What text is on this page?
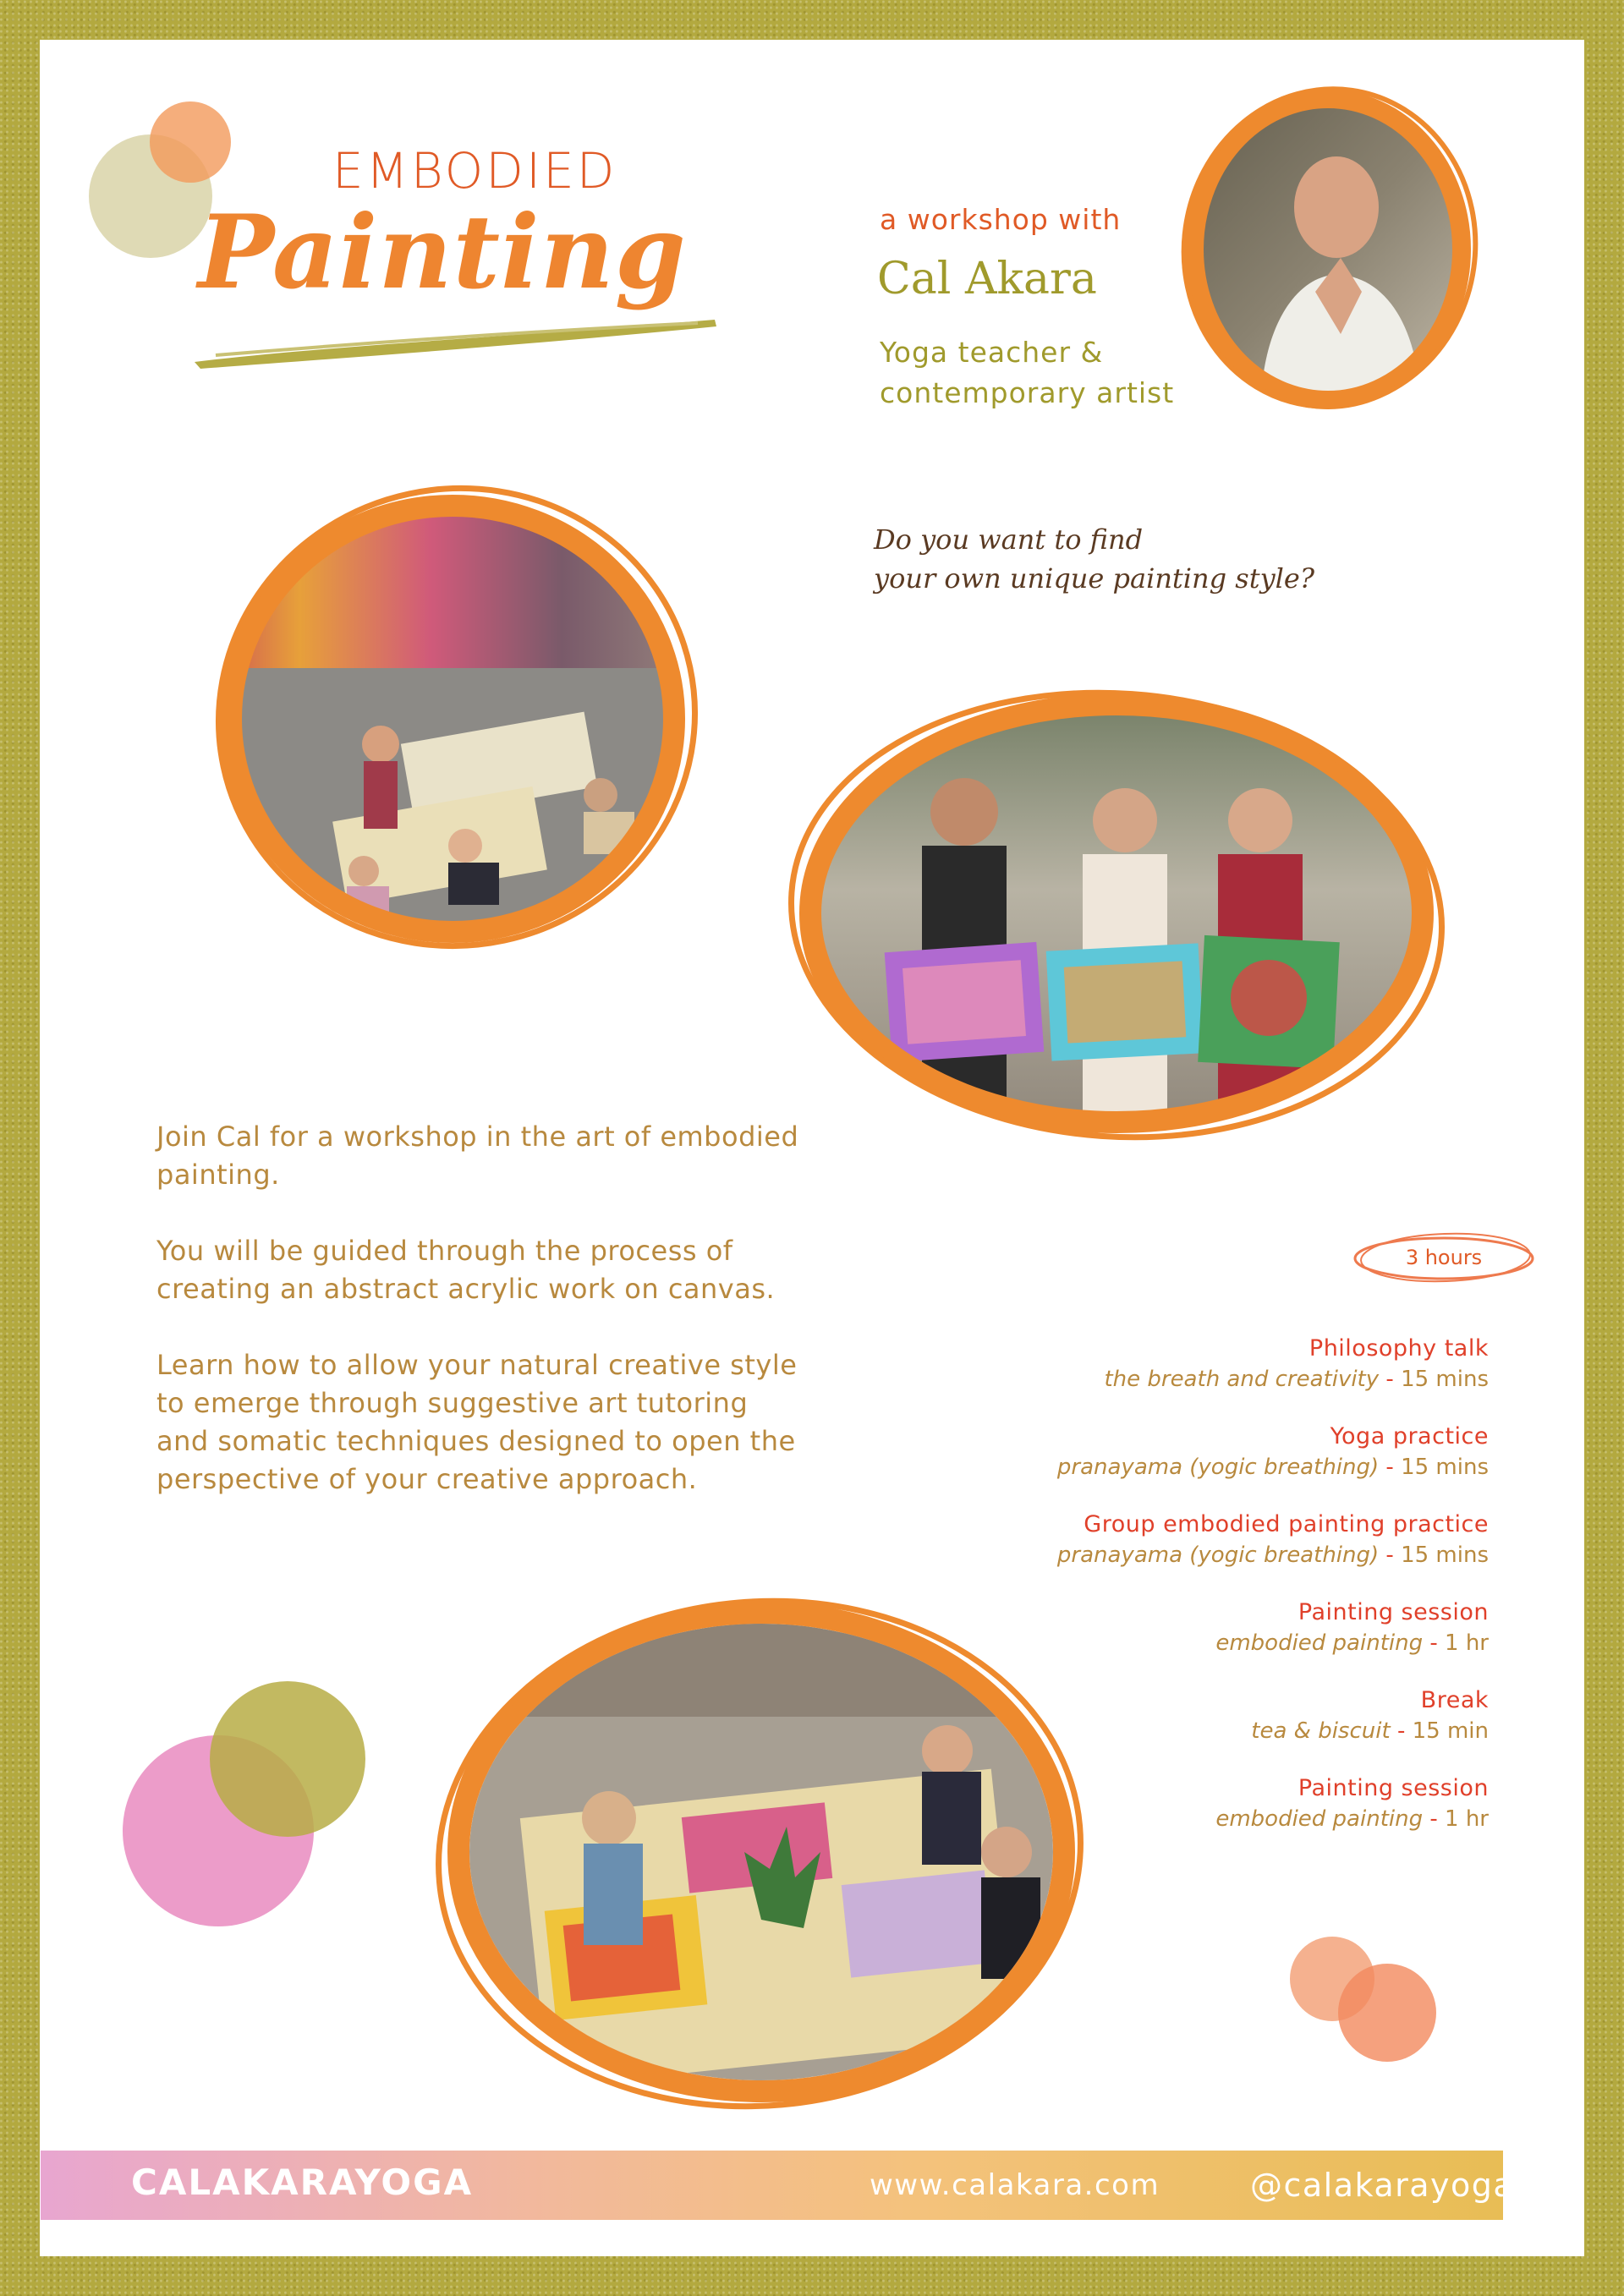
EMBODIED
Painting	a workshop with
Cal Akara
Yoga teacher &
contemporary artist
Do you want to find
your own unique painting style?

Join Cal for a workshop in the art of embodied painting.

You will be guided through the process of creating an abstract acrylic work on canvas.

Learn how to allow your natural creative style to emerge through suggestive art tutoring and somatic techniques designed to open the perspective of your creative approach.

3 hours
Philosophy talk
the breath and creativity - 15 mins
Yoga practice
pranayama (yogic breathing) - 15 mins
Group embodied painting practice
pranayama (yogic breathing) - 15 mins
Painting session
embodied painting - 1 hr
Break
tea & biscuit - 15 min
Painting session
embodied painting - 1 hr
CALAKARAYOGA	www.calakara.com	@calakarayoga
